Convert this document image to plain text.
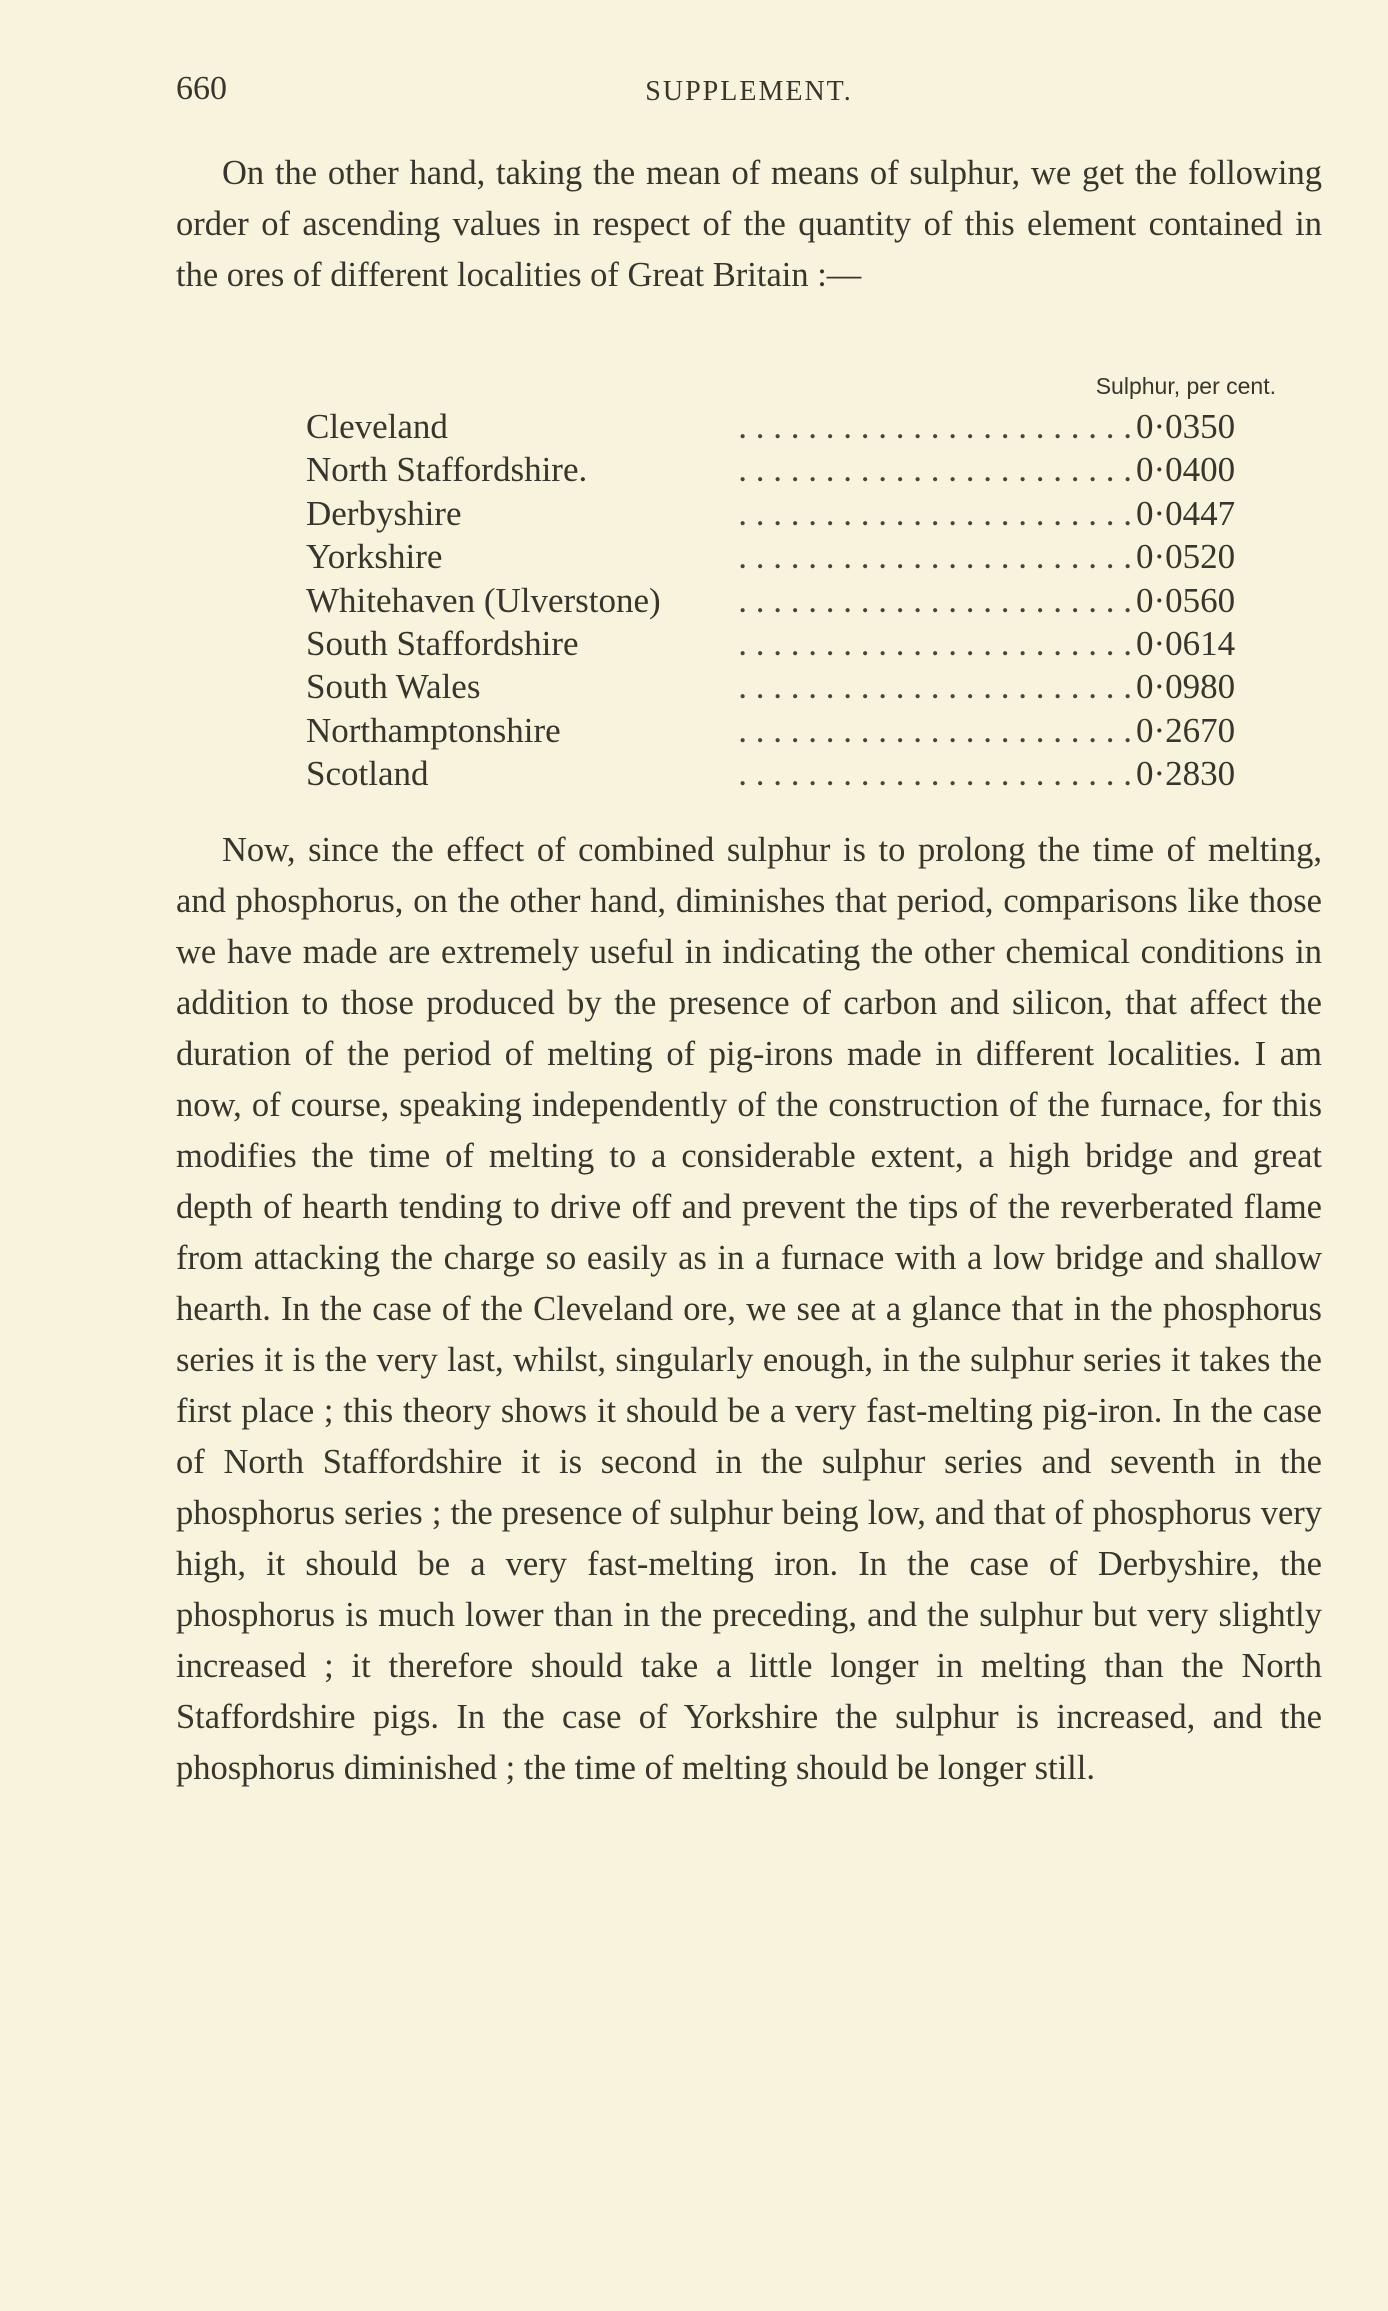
660	SUPPLEMENT.

On the other hand, taking the mean of means of sulphur, we get the following order of ascending values in respect of the quantity of this element contained in the ores of different localities of Great Britain :—

Sulphur, per cent.
Cleveland	. . . . . . . . . . . . . . . . . . . . . . . 0·0350
North Staffordshire.	. . . . . . . . . . . . . . . . . . . . . . . 0·0400
Derbyshire	. . . . . . . . . . . . . . . . . . . . . . . 0·0447
Yorkshire	. . . . . . . . . . . . . . . . . . . . . . . 0·0520
Whitehaven (Ulverstone)	. . . . . . . . . . . . . . . . . . . . . . . 0·0560
South Staffordshire	. . . . . . . . . . . . . . . . . . . . . . . 0·0614
South Wales	. . . . . . . . . . . . . . . . . . . . . . . 0·0980
Northamptonshire	. . . . . . . . . . . . . . . . . . . . . . . 0·2670
Scotland	. . . . . . . . . . . . . . . . . . . . . . . 0·2830

Now, since the effect of combined sulphur is to prolong the time of melting, and phosphorus, on the other hand, diminishes that period, comparisons like those we have made are extremely useful in indicating the other chemical conditions in addition to those produced by the presence of carbon and silicon, that affect the duration of the period of melting of pig-irons made in different localities. I am now, of course, speaking independently of the construction of the furnace, for this modifies the time of melting to a considerable extent, a high bridge and great depth of hearth tending to drive off and prevent the tips of the reverberated flame from attacking the charge so easily as in a furnace with a low bridge and shallow hearth. In the case of the Cleveland ore, we see at a glance that in the phosphorus series it is the very last, whilst, singularly enough, in the sulphur series it takes the first place ; this theory shows it should be a very fast-melting pig-iron. In the case of North Staffordshire it is second in the sulphur series and seventh in the phosphorus series ; the presence of sulphur being low, and that of phosphorus very high, it should be a very fast-melting iron. In the case of Derbyshire, the phosphorus is much lower than in the preceding, and the sulphur but very slightly increased ; it therefore should take a little longer in melting than the North Staffordshire pigs. In the case of Yorkshire the sulphur is increased, and the phosphorus diminished ; the time of melting should be longer still.
